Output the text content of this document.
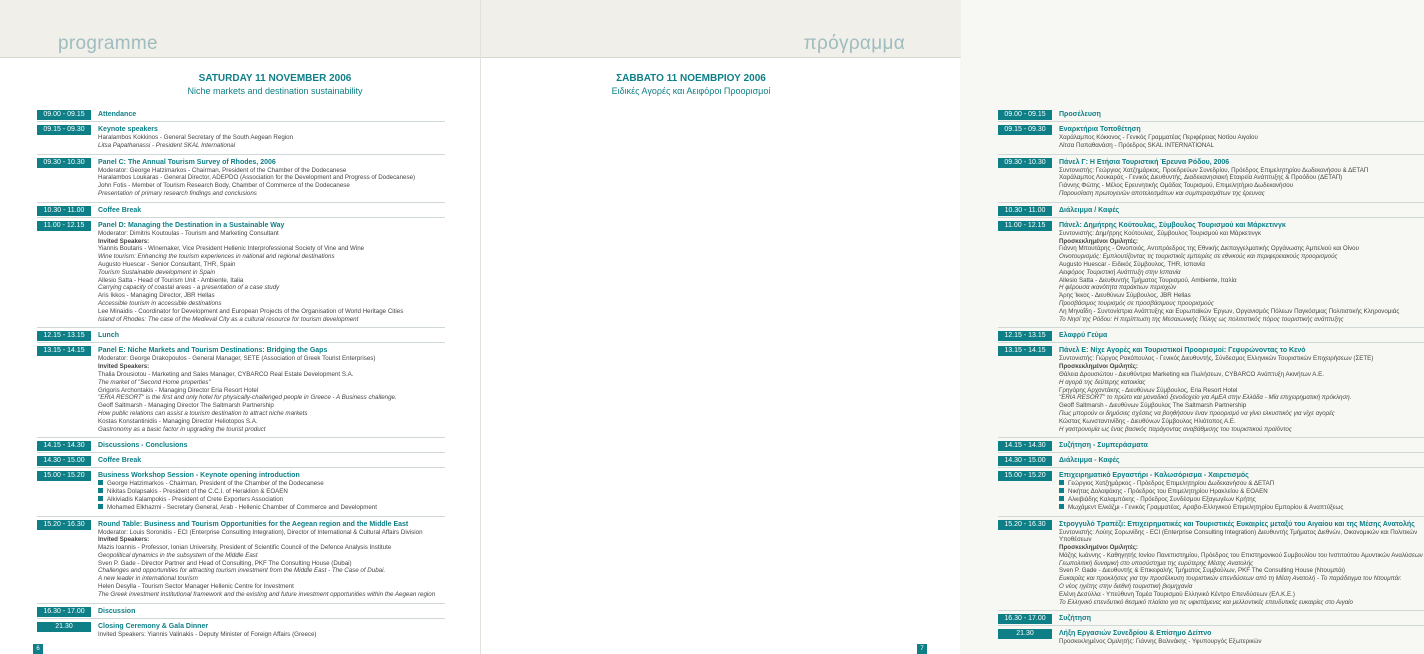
programme
SATURDAY 11 NOVEMBER 2006
Niche markets and destination sustainability
09.00 - 09.15	Attendance
09.15 - 09.30	Keynote speakers
Haralambos Kokkinos - General Secretary of the South Aegean Region
Litsa Papathanassi - President SKAL International
09.30 - 10.30	Panel C: The Annual Tourism Survey of Rhodes, 2006
Moderator: George Hatzimarkos - Chairman, President of the Chamber of the Dodecanese
Haralambos Loukaras - General Director, ADEPDO (Association for the Development and Progress of Dodecanese)
John Fotis - Member of Tourism Research Body, Chamber of Commerce of the Dodecanese
Presentation of primary research findings and conclusions
10.30 - 11.00	Coffee Break
11.00 - 12.15	Panel D: Managing the Destination in a Sustainable Way
Moderator: Dimitris Koutoulas - Tourism and Marketing Consultant
Invited Speakers:
Yiannis Boutaris - Winemaker, Vice President Hellenic Interprofessional Society of Vine and Wine
Wine tourism: Enhancing the tourism experiences in national and regional destinations
Augusto Huescar - Senior Consultant, THR, Spain
Tourism Sustainable development in Spain
Allesio Satta - Head of Tourism Unit - Ambiente, Italia
Carrying capacity of coastal areas - a presentation of a case study
Aris Ikkos - Managing Director, JBR Hellas
Accessible tourism in accessible destinations
Lee Minaidis - Coordinator for Development and European Projects of the Organisation of World Heritage Cities
Island of Rhodes: The case of the Medieval City as a cultural resource for tourism development
12.15 - 13.15	Lunch
13.15 - 14.15	Panel E: Niche Markets and Tourism Destinations: Bridging the Gaps
Moderator: George Drakopoulos - General Manager, SETE (Association of Greek Tourist Enterprises)
Invited Speakers:
Thalia Drousiotou - Marketing and Sales Manager, CYBARCO Real Estate Development S.A.
The market of "Second Home properties"
Grigoris Archontakis - Managing Director Eria Resort Hotel
"ERIA RESORT" is the first and only hotel for physically-challenged people in Greece - A Business challenge.
Geoff Saltmarsh - Managing Director The Saltmarsh Partnership
How public relations can assist a tourism destination to attract niche markets
Kostas Konstantinidis - Managing Director Heliotopos S.A.
Gastronomy as a basic factor in upgrading the tourist product
14.15 - 14.30	Discussions - Conclusions
14.30 - 15.00	Coffee Break
15.00 - 15.20	Business Workshop Session - Keynote opening introduction
George Hatzimarkos - Chairman, President of the Chamber of the Dodecanese
Nikitas Dolapsakis - President of the C.C.I. of Heraklion & EOAEN
Alkiviadis Kalampokis - President of Crete Exporters Association
Mohamed Elkhazmi - Secretary General, Arab - Hellenic Chamber of Commerce and Development
15.20 - 16.30	Round Table: Business and Tourism Opportunities for the Aegean region and the Middle East
Moderator: Louis Soronidis - ECI (Enterprise Consulting Integration), Director of International & Cultural Affairs Division
Invited Speakers:
Mazis Ioannis - Professor, Ionian University, President of Scientific Council of the Defence Analysis Institute
Geopolitical dynamics in the subsystem of the Middle East
Sven P. Gade - Director Partner and Head of Consulting, PKF The Consulting House (Dubai)
Challenges and opportunities for attracting tourism investment from the Middle East - The Case of Dubai.
A new leader in international tourism
Helen Desylla - Tourism Sector Manager Hellenic Centre for Investment
The Greek investment institutional framework and the existing and future investment opportunities within the Aegean region
16.30 - 17.00	Discussion
21.30	Closing Ceremony & Gala Dinner
Invited Speakers: Yiannis Valinakis - Deputy Minister of Foreign Affairs (Greece)
6
πρόγραμμα
ΣΑΒΒΑΤΟ 11 ΝΟΕΜΒΡΙΟΥ 2006
Ειδικές Αγορές και Αειφόροι Προορισμοί
09.00 - 09.15	Προσέλευση
09.15 - 09.30	Εναρκτήρια Τοποθέτηση
Χαράλαμπος Κόκκινος - Γενικός Γραμματέας Περιφέρειας Νοτίου Αιγαίου
Λίτσα Παπαθανάση - Πρόεδρος SKAL INTERNATIONAL
09.30 - 10.30	Πάνελ Γ: Η Ετήσια Τουριστική Έρευνα Ρόδου, 2006
Συντονιστής: Γεώργιος Χατζημάρκος, Προεδρεύων Συνεδρίου, Πρόεδρος Επιμελητηρίου Δωδεκανήσου & ΔΕΤΑΠ
Χαράλαμπος Λουκαράς - Γενικός Διευθυντής, Διαδεκανησιακή Εταιρεία Ανάπτυξης & Προόδου (ΔΕΤΑΠ)
Γιάννης Φώτης - Μέλος Ερευνητικής Ομάδας Τουρισμού, Επιμελητήριο Δωδεκανήσου
Παρουσίαση πρωτογενών αποτελεσμάτων και συμπερασμάτων της έρευνας
10.30 - 11.00	Διάλειμμα / Καφές
11.00 - 12.15	Πάνελ: Δημήτρης Κούτουλας, Σύμβουλος Τουρισμού και Μάρκετινγκ
Συντονιστής: Δημήτρης Κούτουλας, Σύμβουλος Τουρισμού και Μάρκετινγκ
Προσκεκλημένοι Ομιλητές:
Γιάννη Μπουτάρης - Οινοποιός, Αντιπρόεδρος της Εθνικής Διεπαγγελματικής Οργάνωσης Αμπελιού και Οίνου
Οινοτουρισμός: Εμπλουτίζοντας τις τουριστικές εμπειρίες σε εθνικούς και περιφερειακούς προορισμούς
Augusto Huescar - Ειδικός Σύμβουλος, THR, Ισπανία
Αειφόρος Τουριστική Ανάπτυξη στην Ισπανία
Allesio Satta - Διευθυντής Τμήματος Τουρισμού, Ambiente, Ιταλία
Η φέρουσα ικανότητα παράκτιων περιοχών
Άρης Ίκκος - Διευθύνων Σύμβουλος, JBR Hellas
Προσβάσιμος τουρισμός σε προσβάσιμους προορισμούς
Λη Μηναΐδη - Συντονίστρια Ανάπτυξης και Ευρωπαϊκών Έργων, Οργανισμός Πόλεων Παγκόσμιας Πολιτιστικής Κληρονομιάς
Το Νησί της Ρόδου: Η περίπτωση της Μεσαιωνικής Πόλης ως πολιτιστικός πόρος τουριστικής ανάπτυξης
12.15 - 13.15	Ελαφρύ Γεύμα
13.15 - 14.15	Πάνελ Ε: Νίχε Αγορές και Τουριστικοί Προορισμοί: Γεφυρώνοντας το Κενό
Συντονιστής: Γιώργος Ρακόπουλος - Γενικός Διευθυντής, Σύνδεσμος Ελληνικών Τουριστικών Επιχειρήσεων (ΣΕΤΕ)
Προσκεκλημένοι Ομιλητές:
Θάλεια Δρουσιώτου - Διευθύντρια Marketing και Πωλήσεων, CYBARCO Ανάπτυξη Ακινήτων Α.Ε.
Η αγορά της δεύτερης κατοικίας
Γρηγόρης Αρχοντάκης - Διευθύνων Σύμβουλος, Eria Resort Hotel
"ERIA RESORT" το πρώτο και μοναδικό ξενοδοχείο για ΑμΕΑ στην Ελλάδα - Μία επιχειρηματική πρόκληση.
Geoff Saltmarsh - Διευθύνων Σύμβουλος The Saltmarsh Partnership
Πως μπορούν οι δημόσιες σχέσεις να βοηθήσουν έναν προορισμό να γίνει ελκυστικός για νίχε αγορές
Κώστας Κωνσταντινίδης - Διευθύνων Σύμβουλος Ηλιότοπος Α.Ε.
Η γαστρονομία ως ένας βασικός παράγοντας αναβάθμισης του τουριστικού προϊόντος
14.15 - 14.30	Συζήτηση - Συμπεράσματα
14.30 - 15.00	Διάλειμμα - Καφές
15.00 - 15.20	Επιχειρηματικό Εργαστήρι - Καλωσόρισμα - Χαιρετισμός
Γεώργιος Χατζημάρκος - Πρόεδρος Επιμελητηρίου Δωδεκανήσου & ΔΕΤΑΠ
Νικήτας Δολαψάκης - Πρόεδρος του Επιμελητηρίου Ηρακλείου & ΕΟΑΕΝ
Αλκιβιάδης Καλαμπόκης - Πρόεδρος Συνδέσμου Εξαγωγέων Κρήτης
Μωχάμεντ Ελκάζμι - Γενικός Γραμματέας, Αραβο-Ελληνικού Επιμελητηρίου Εμπορίου & Αναπτύξεως
15.20 - 16.30	Στρογγυλό Τραπέζι: Επιχειρηματικές και Τουριστικές Ευκαιρίες μεταξύ του Αιγαίου και της Μέσης Ανατολής
Συντονιστής: Λούης Σορωνίδης - ECI (Enterprise Consulting Integration) Διευθυντής Τμήματος Διεθνών, Οικονομικών και Πολιτικών Υποθέσεων
Προσκεκλημένοι Ομιλητές:
Μάζης Ιωάννης - Καθηγητής Ιονίου Πανεπιστημίου, Πρόεδρος του Επιστημονικού Συμβουλίου του Ινστιτούτου Αμυντικών Αναλύσεων
Γεωπολιτική δυναμική στο υποσύστημα της ευρύτερης Μέσης Ανατολής
Sven P. Gade - Διευθυντής & Επικεφαλής Τμήματος Συμβούλων, PKF The Consulting House (Ντουμπάι)
Ευκαιρίες και προκλήσεις για την προσέλκυση τουριστικών επενδύσεων από τη Μέση Ανατολή - Το παράδειγμα του Ντουμπάι:
Ο νέος ηγέτης στην διεθνή τουριστική βιομηχανία
Ελένη Δεσύλλα - Υπεύθυνη Τομέα Τουρισμού Ελληνικό Κέντρο Επενδύσεων (ΕΛ.Κ.Ε.)
Το Ελληνικό επενδυτικό θεσμικό πλαίσιο για τις υφιστάμενες και μελλοντικές επενδυτικές ευκαιρίες στο Αιγαίο
16.30 - 17.00	Συζήτηση
21.30	Λήξη Εργασιών Συνεδρίου & Επίσημο Δείπνο
Προσκεκλημένος Ομιλητής: Γιάννης Βαλινάκης - Υφυπουργός Εξωτερικών
7
